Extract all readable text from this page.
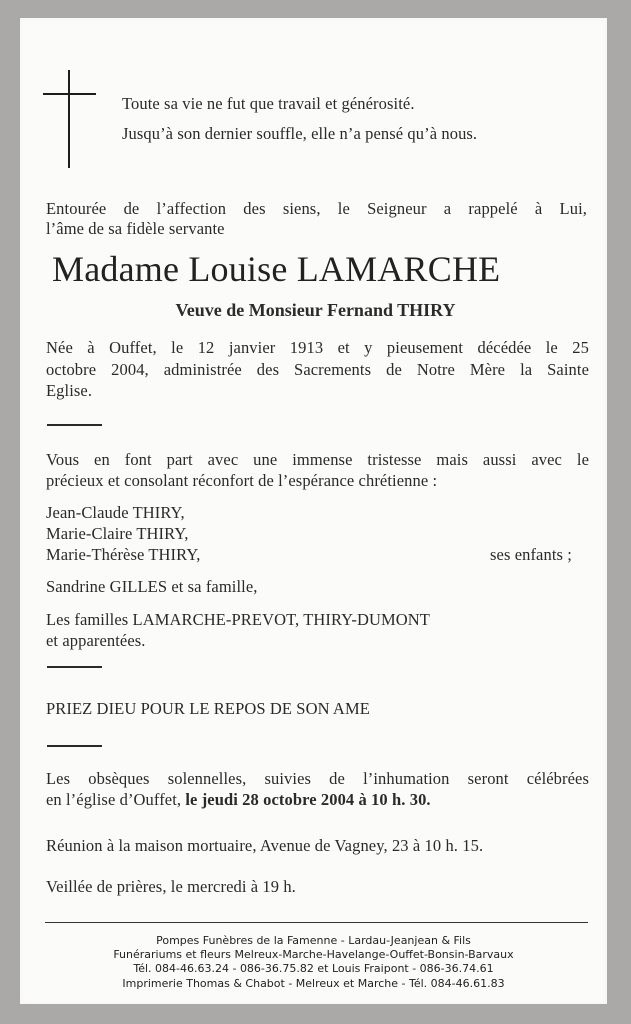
Toute sa vie ne fut que travail et générosité.
Jusqu’à son dernier souffle, elle n’a pensé qu’à nous.
Entourée de l’affection des siens, le Seigneur a rappelé à Lui,
l’âme de sa fidèle servante
Madame Louise LAMARCHE
Veuve de Monsieur Fernand THIRY
Née à Ouffet, le 12 janvier 1913 et y pieusement décédée le 25
octobre 2004, administrée des Sacrements de Notre Mère la Sainte
Eglise.
Vous en font part avec une immense tristesse mais aussi avec le
précieux et consolant réconfort de l’espérance chrétienne :
Jean-Claude THIRY,
Marie-Claire THIRY,
Marie-Thérèse THIRY,	ses enfants ;
Sandrine GILLES et sa famille,
Les familles LAMARCHE-PREVOT, THIRY-DUMONT
et apparentées.
PRIEZ DIEU POUR LE REPOS DE SON AME
Les obsèques solennelles, suivies de l’inhumation seront célébrées
en l’église d’Ouffet, le jeudi 28 octobre 2004 à 10 h. 30.
Réunion à la maison mortuaire, Avenue de Vagney, 23 à 10 h. 15.
Veillée de prières, le mercredi à 19 h.
Pompes Funèbres de la Famenne - Lardau-Jeanjean & Fils
Funérariums et fleurs Melreux-Marche-Havelange-Ouffet-Bonsin-Barvaux
Tél. 084-46.63.24 - 086-36.75.82 et Louis Fraipont - 086-36.74.61
Imprimerie Thomas & Chabot - Melreux et Marche - Tél. 084-46.61.83
